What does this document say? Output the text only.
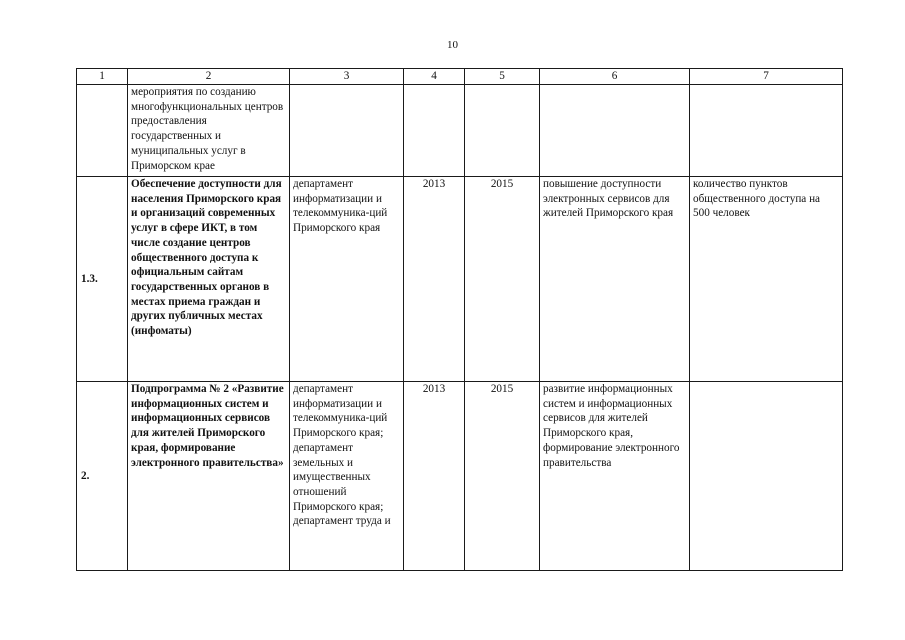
10
1	2	3	4	5	6	7
	мероприятия по созданию многофункциональных центров предоставления государственных и муниципальных услуг в Приморском крае					
1.3.	Обеспечение доступности для населения Приморского края и организаций современных услуг в сфере ИКТ, в том числе создание центров общественного доступа к официальным сайтам государственных органов в местах приема граждан и других публичных местах (инфоматы)	департамент информатизации и телекоммуника-ций Приморского края	2013	2015	повышение доступности электронных сервисов для жителей Приморского края	количество пунктов общественного доступа на 500 человек
2.	Подпрограмма № 2 «Развитие информационных систем и информационных сервисов для жителей Приморского края, формирование электронного правительства»	департамент информатизации и телекоммуника-ций Приморского края; департамент земельных и имущественных отношений Приморского края; департамент труда и	2013	2015	развитие информационных систем и информационных сервисов для жителей Приморского края, формирование электронного правительства	
